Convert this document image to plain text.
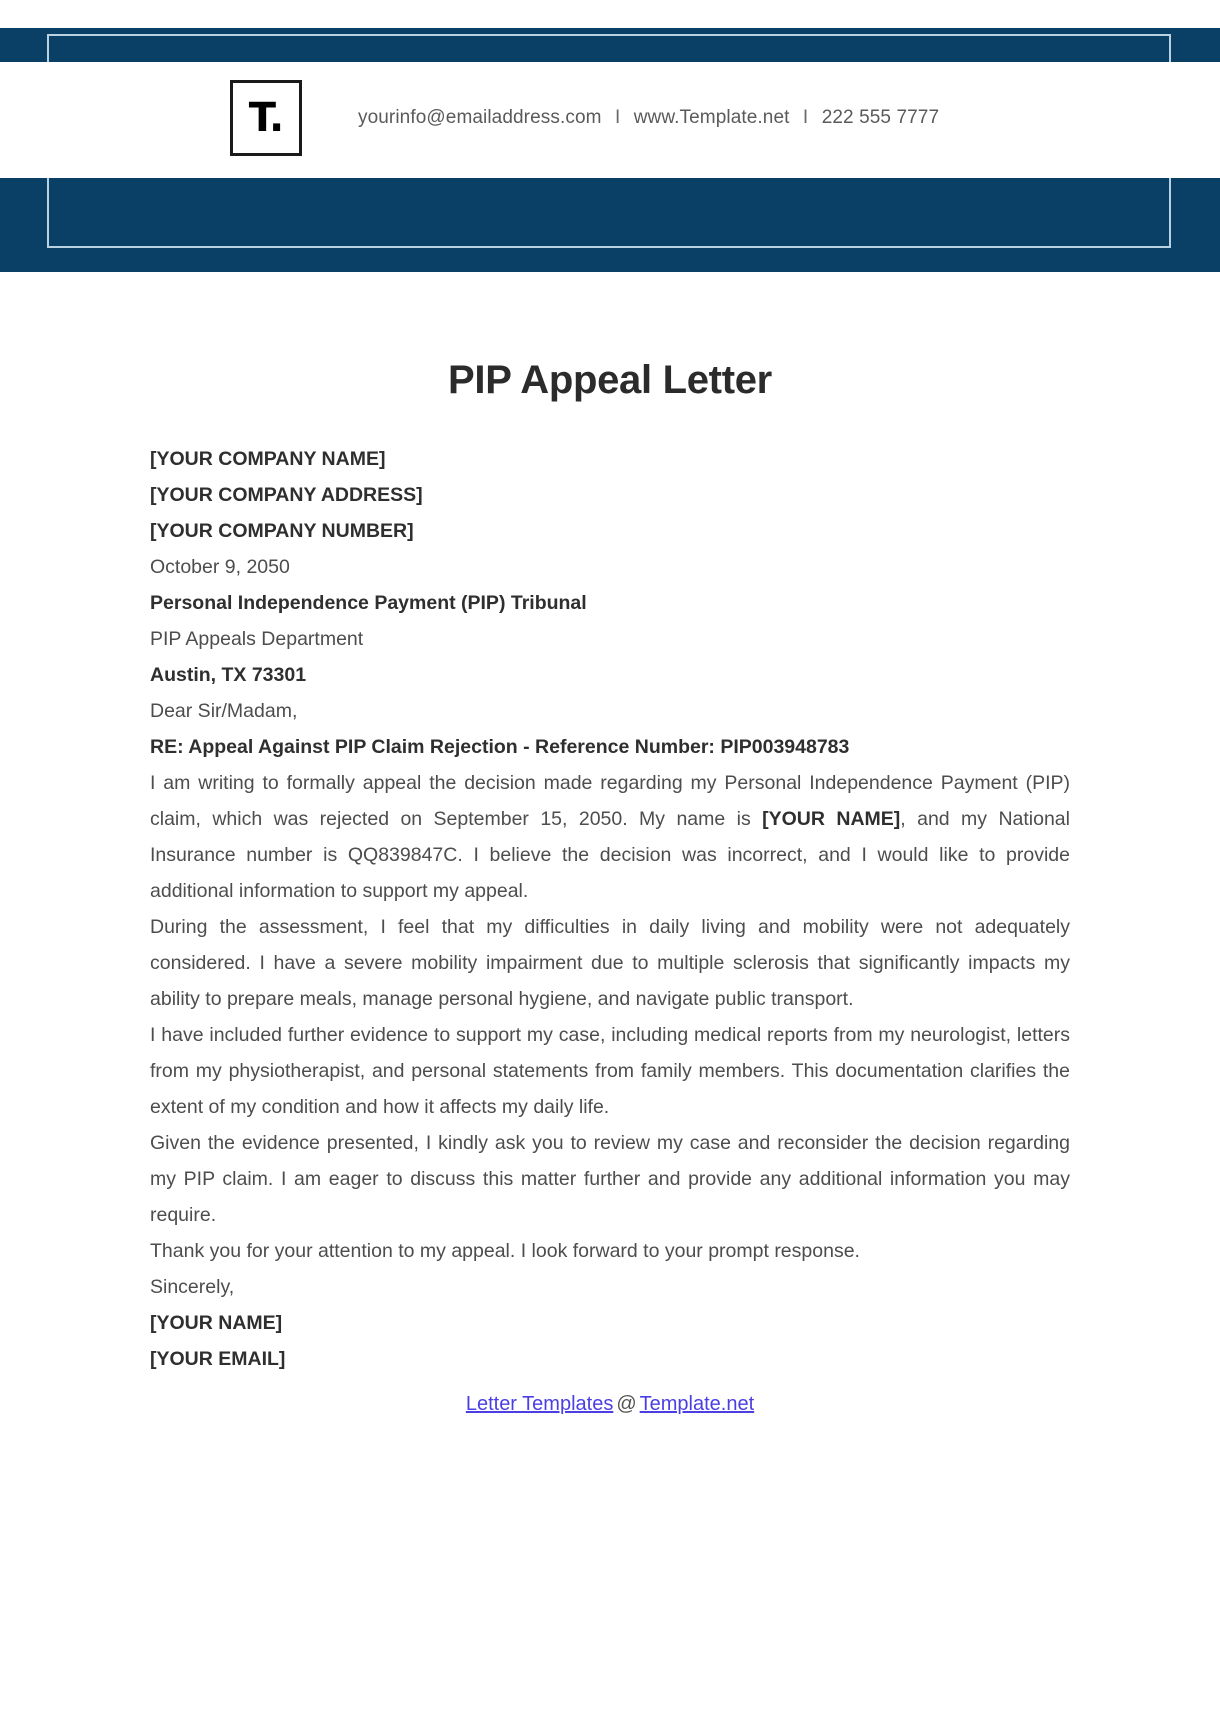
T.	yourinfo@emailaddress.com I www.Template.net I 222 555 7777
PIP Appeal Letter

[YOUR COMPANY NAME]

[YOUR COMPANY ADDRESS]

[YOUR COMPANY NUMBER]

October 9, 2050

Personal Independence Payment (PIP) Tribunal

PIP Appeals Department

Austin, TX 73301

Dear Sir/Madam,

RE: Appeal Against PIP Claim Rejection - Reference Number: PIP003948783

I am writing to formally appeal the decision made regarding my Personal Independence Payment (PIP) claim, which was rejected on September 15, 2050. My name is [YOUR NAME], and my National Insurance number is QQ839847C. I believe the decision was incorrect, and I would like to provide additional information to support my appeal.

During the assessment, I feel that my difficulties in daily living and mobility were not adequately considered. I have a severe mobility impairment due to multiple sclerosis that significantly impacts my ability to prepare meals, manage personal hygiene, and navigate public transport.

I have included further evidence to support my case, including medical reports from my neurologist, letters from my physiotherapist, and personal statements from family members. This documentation clarifies the extent of my condition and how it affects my daily life.

Given the evidence presented, I kindly ask you to review my case and reconsider the decision regarding my PIP claim. I am eager to discuss this matter further and provide any additional information you may require.

Thank you for your attention to my appeal. I look forward to your prompt response.

Sincerely,

[YOUR NAME]

[YOUR EMAIL]

Letter Templates @ Template.net
